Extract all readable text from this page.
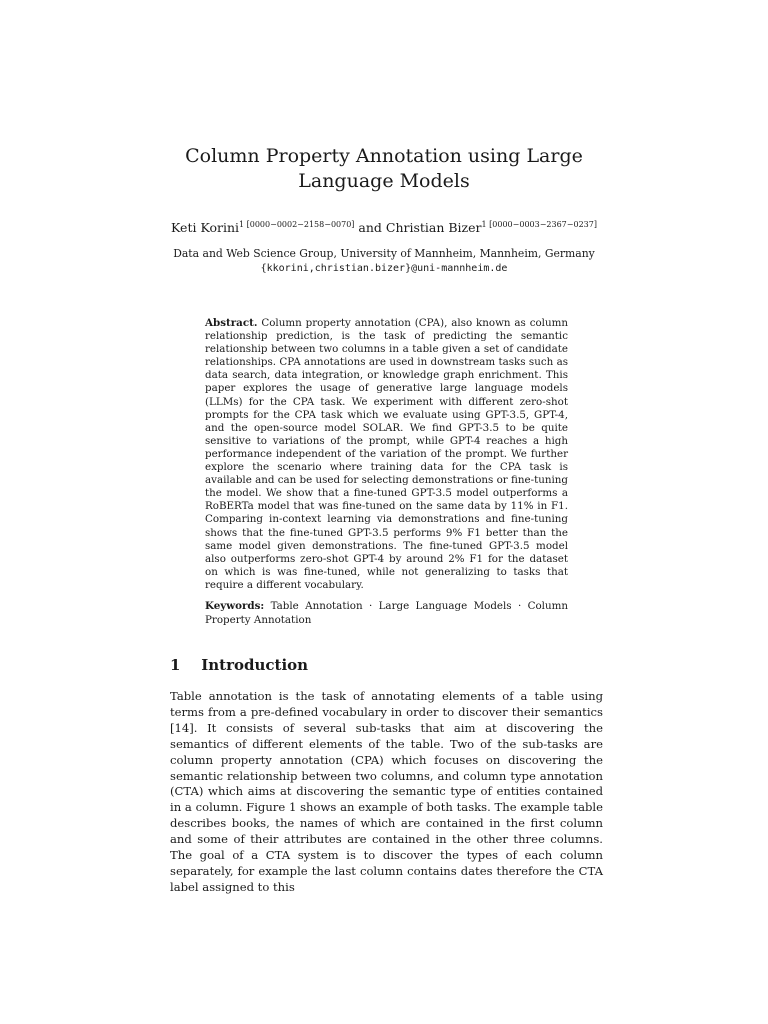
Column Property Annotation using Large
Language Models
Keti Korini$^{1 [0000-0002-2158-0070]}$ and Christian Bizer$^{1 [0000-0003-2367-0237]}$
Data and Web Science Group, University of Mannheim, Mannheim, Germany
{kkorini,christian.bizer}@uni-mannheim.de
Abstract. Column property annotation (CPA), also known as column relationship prediction, is the task of predicting the semantic relationship between two columns in a table given a set of candidate relationships. CPA annotations are used in downstream tasks such as data search, data integration, or knowledge graph enrichment. This paper explores the usage of generative large language models (LLMs) for the CPA task. We experiment with different zero-shot prompts for the CPA task which we evaluate using GPT-3.5, GPT-4, and the open-source model SOLAR. We find GPT-3.5 to be quite sensitive to variations of the prompt, while GPT-4 reaches a high performance independent of the variation of the prompt. We further explore the scenario where training data for the CPA task is available and can be used for selecting demonstrations or fine-tuning the model. We show that a fine-tuned GPT-3.5 model outperforms a RoBERTa model that was fine-tuned on the same data by 11% in F1. Comparing in-context learning via demonstrations and fine-tuning shows that the fine-tuned GPT-3.5 performs 9% F1 better than the same model given demonstrations. The fine-tuned GPT-3.5 model also outperforms zero-shot GPT-4 by around 2% F1 for the dataset on which is was fine-tuned, while not generalizing to tasks that require a different vocabulary.
Keywords: Table Annotation · Large Language Models · Column Property Annotation
1 Introduction
Table annotation is the task of annotating elements of a table using terms from a pre-defined vocabulary in order to discover their semantics [14]. It consists of several sub-tasks that aim at discovering the semantics of different elements of the table. Two of the sub-tasks are column property annotation (CPA) which focuses on discovering the semantic relationship between two columns, and column type annotation (CTA) which aims at discovering the semantic type of entities contained in a column. Figure 1 shows an example of both tasks. The example table describes books, the names of which are contained in the first column and some of their attributes are contained in the other three columns. The goal of a CTA system is to discover the types of each column separately, for example the last column contains dates therefore the CTA label assigned to this
